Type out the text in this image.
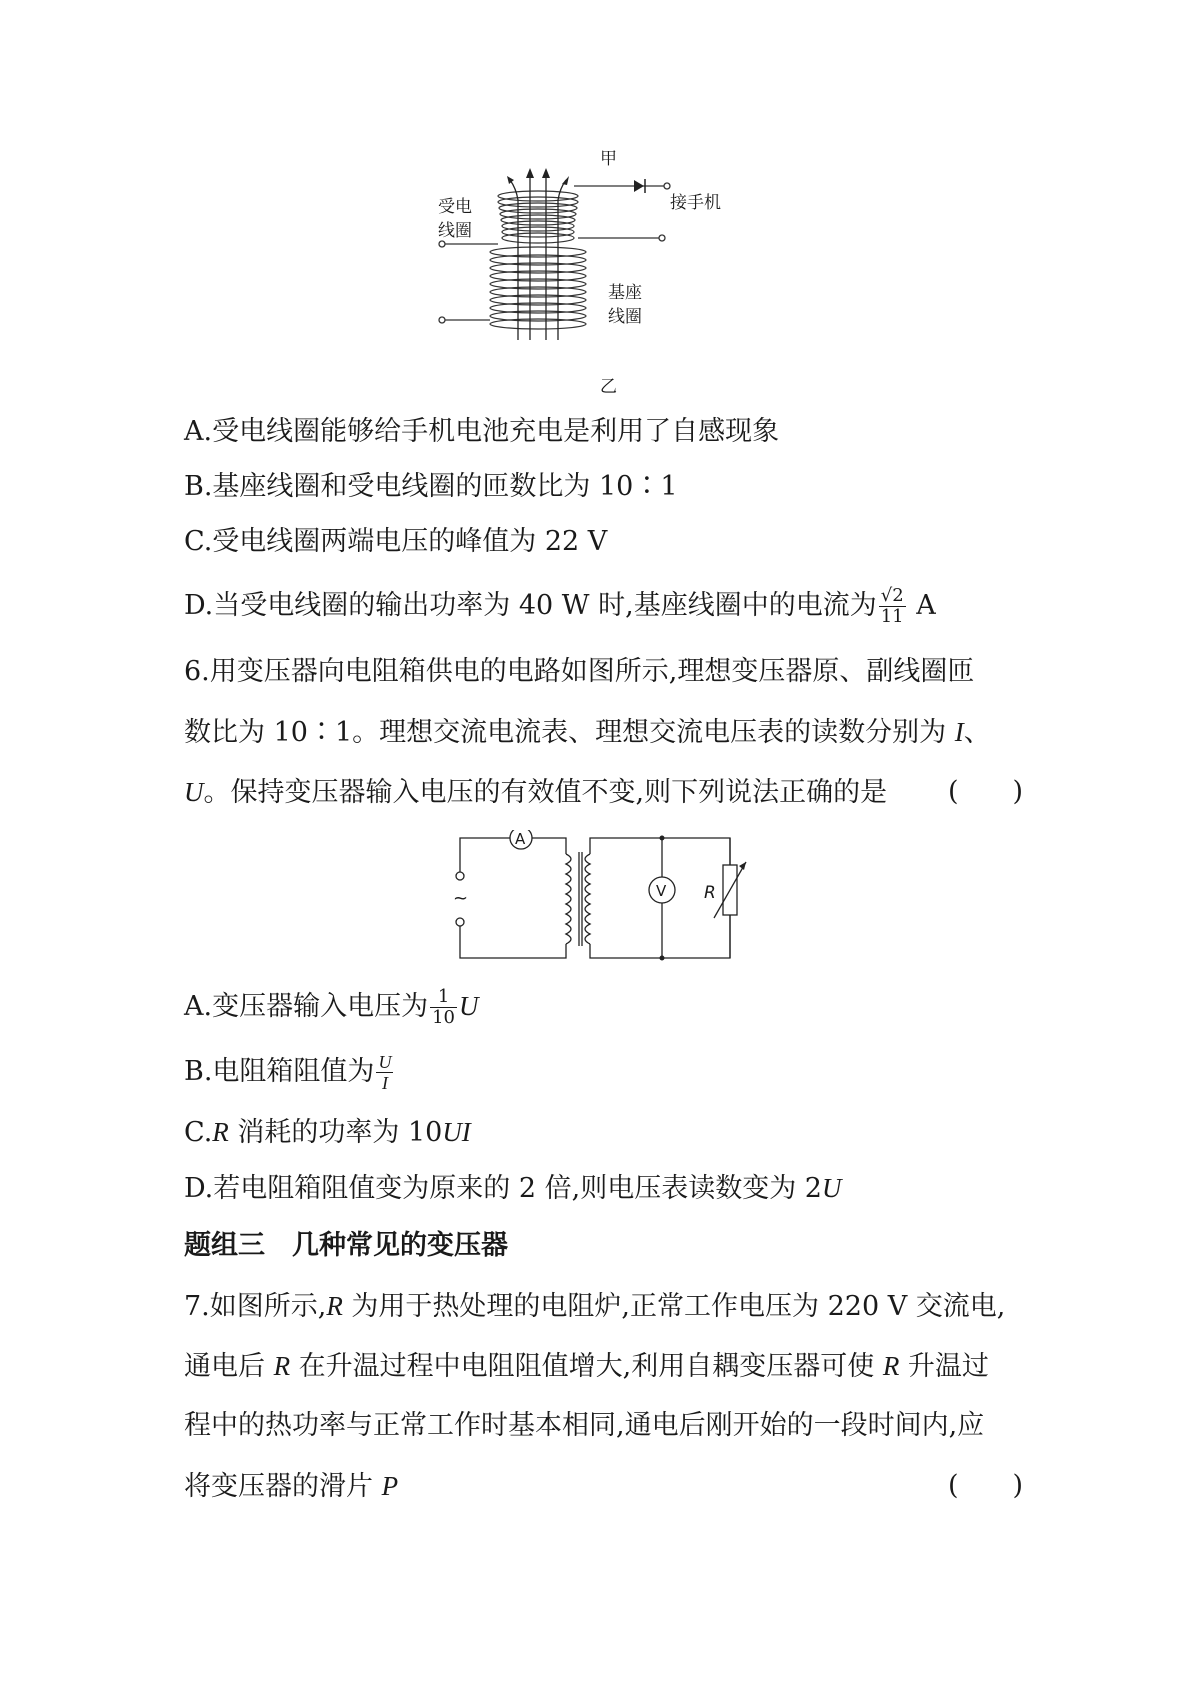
甲
受电
线圈
基座
线圈
接手机
乙
A.受电线圈能够给手机电池充电是利用了自感现象
B.基座线圈和受电线圈的匝数比为 10∶1
C.受电线圈两端电压的峰值为 22 V
D.当受电线圈的输出功率为 40 W 时,基座线圈中的电流为 $\frac{√2}{11}$ A
6.用变压器向电阻箱供电的电路如图所示,理想变压器原、副线圈匝
数比为 10∶1。理想交流电流表、理想交流电压表的读数分别为 I、
U。保持变压器输入电压的有效值不变,则下列说法正确的是 (　　)
~
A
V R
A.变压器输入电压为 $\frac{1}{10}$ U
B.电阻箱阻值为 $\frac{U}{I}$
C.R 消耗的功率为 10UI
D.若电阻箱阻值变为原来的 2 倍,则电压表读数变为 2U
题组三　几种常见的变压器
7.如图所示,R 为用于热处理的电阻炉,正常工作电压为 220 V 交流电,
通电后 R 在升温过程中电阻阻值增大,利用自耦变压器可使 R 升温过
程中的热功率与正常工作时基本相同,通电后刚开始的一段时间内,应
将变压器的滑片 P	(　　)
